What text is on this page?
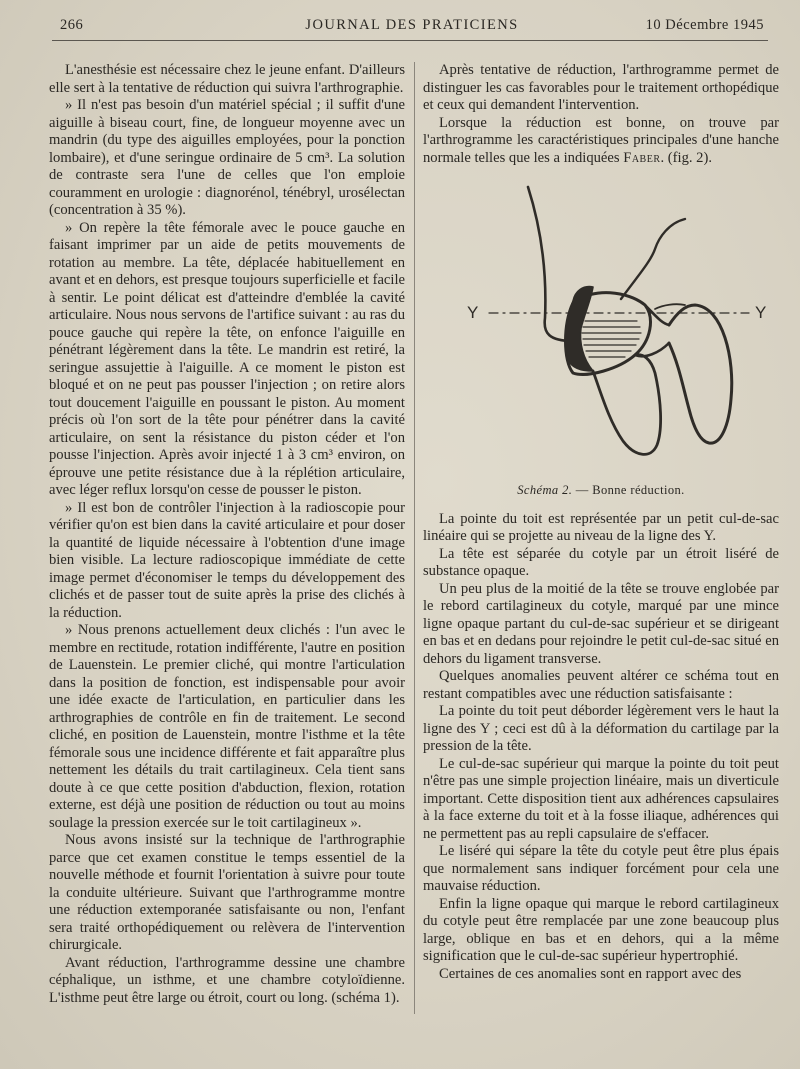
266	JOURNAL DES PRATICIENS	10 Décembre 1945

L'anesthésie est nécessaire chez le jeune enfant. D'ailleurs elle sert à la tentative de réduction qui suivra l'arthrographie.

» Il n'est pas besoin d'un matériel spécial ; il suffit d'une aiguille à biseau court, fine, de longueur moyenne avec un mandrin (du type des aiguilles employées, pour la ponction lombaire), et d'une seringue ordinaire de 5 cm³. La solution de contraste sera l'une de celles que l'on emploie couramment en urologie : diagnorénol, ténébryl, urosélectan (concentration à 35 %).

» On repère la tête fémorale avec le pouce gauche en faisant imprimer par un aide de petits mouvements de rotation au membre. La tête, déplacée habituellement en avant et en dehors, est presque toujours superficielle et facile à sentir. Le point délicat est d'atteindre d'emblée la cavité articulaire. Nous nous servons de l'artifice suivant : au ras du pouce gauche qui repère la tête, on enfonce l'aiguille en pénétrant légèrement dans la tête. Le mandrin est retiré, la seringue assujettie à l'aiguille. A ce moment le piston est bloqué et on ne peut pas pousser l'injection ; on retire alors tout doucement l'aiguille en poussant le piston. Au moment précis où l'on sort de la tête pour pénétrer dans la cavité articulaire, on sent la résistance du piston céder et l'on pousse l'injection. Après avoir injecté 1 à 3 cm³ environ, on éprouve une petite résistance due à la réplétion articulaire, avec léger reflux lorsqu'on cesse de pousser le piston.

» Il est bon de contrôler l'injection à la radioscopie pour vérifier qu'on est bien dans la cavité articulaire et pour doser la quantité de liquide nécessaire à l'obtention d'une image bien visible. La lecture radioscopique immédiate de cette image permet d'économiser le temps du développement des clichés et de passer tout de suite après la prise des clichés à la réduction.

» Nous prenons actuellement deux clichés : l'un avec le membre en rectitude, rotation indifférente, l'autre en position de Lauenstein. Le premier cliché, qui montre l'articulation dans la position de fonction, est indispensable pour avoir une idée exacte de l'articulation, en particulier dans les arthrographies de contrôle en fin de traitement. Le second cliché, en position de Lauenstein, montre l'isthme et la tête fémorale sous une incidence différente et fait apparaître plus nettement les détails du trait cartilagineux. Cela tient sans doute à ce que cette position d'abduction, flexion, rotation externe, est déjà une position de réduction ou tout au moins soulage la pression exercée sur le toit cartilagineux ».

Nous avons insisté sur la technique de l'arthrographie parce que cet examen constitue le temps essentiel de la nouvelle méthode et fournit l'orientation à suivre pour toute la conduite ultérieure. Suivant que l'arthrogramme montre une réduction extemporanée satisfaisante ou non, l'enfant sera traité orthopédiquement ou relèvera de l'intervention chirurgicale.

Avant réduction, l'arthrogramme dessine une chambre céphalique, un isthme, et une chambre cotyloïdienne. L'isthme peut être large ou étroit, court ou long. (schéma 1).

Après tentative de réduction, l'arthrogramme permet de distinguer les cas favorables pour le traitement orthopédique et ceux qui demandent l'intervention.

Lorsque la réduction est bonne, on trouve par l'arthrogramme les caractéristiques principales d'une hanche normale telles que les a indiquées Faber. (fig. 2).

Y	Y
Schéma 2. — Bonne réduction.

La pointe du toit est représentée par un petit cul-de-sac linéaire qui se projette au niveau de la ligne des Y.

La tête est séparée du cotyle par un étroit liséré de substance opaque.

Un peu plus de la moitié de la tête se trouve englobée par le rebord cartilagineux du cotyle, marqué par une mince ligne opaque partant du cul-de-sac supérieur et se dirigeant en bas et en dedans pour rejoindre le petit cul-de-sac situé en dehors du ligament transverse.

Quelques anomalies peuvent altérer ce schéma tout en restant compatibles avec une réduction satisfaisante :

La pointe du toit peut déborder légèrement vers le haut la ligne des Y ; ceci est dû à la déformation du cartilage par la pression de la tête.

Le cul-de-sac supérieur qui marque la pointe du toit peut n'être pas une simple projection linéaire, mais un diverticule important. Cette disposition tient aux adhérences capsulaires à la face externe du toit et à la fosse iliaque, adhérences qui ne permettent pas au repli capsulaire de s'effacer.

Le liséré qui sépare la tête du cotyle peut être plus épais que normalement sans indiquer forcément pour cela une mauvaise réduction.

Enfin la ligne opaque qui marque le rebord cartilagineux du cotyle peut être remplacée par une zone beaucoup plus large, oblique en bas et en dehors, qui a la même signification que le cul-de-sac supérieur hypertrophié.

Certaines de ces anomalies sont en rapport avec des
